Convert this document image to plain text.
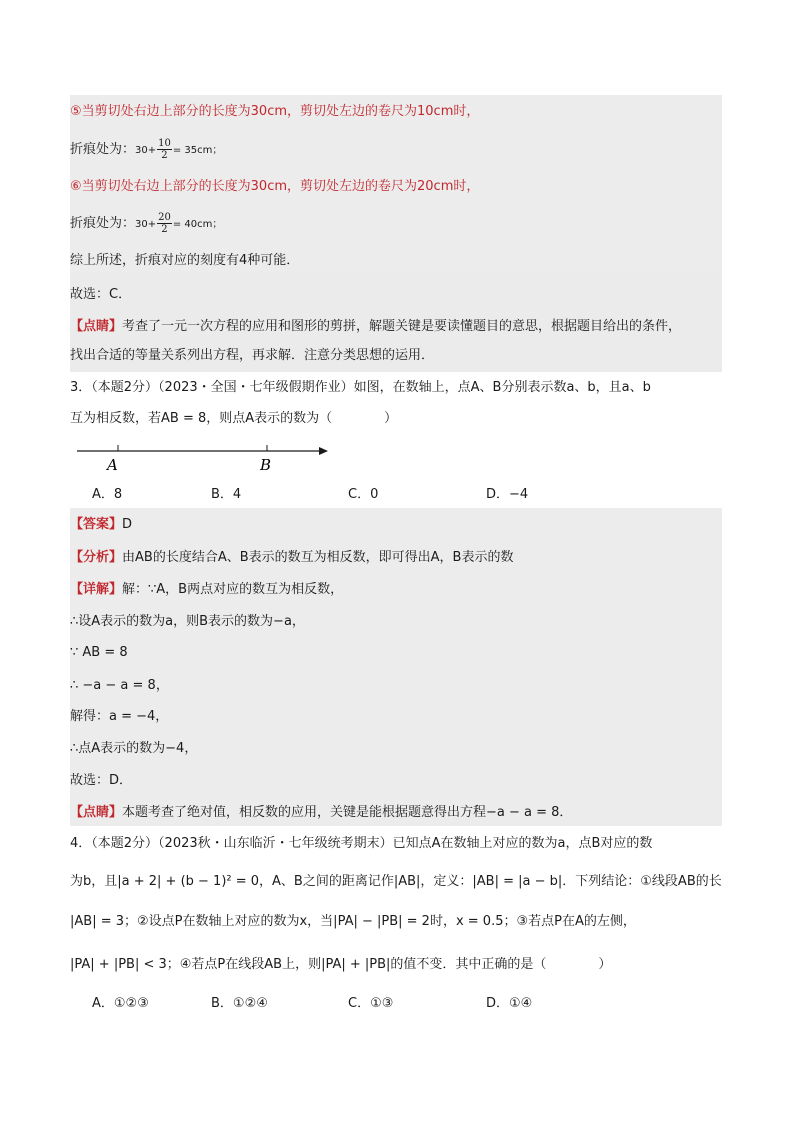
⑤当剪切处右边上部分的长度为30cm，剪切处左边的卷尺为10cm时，
折痕处为：$30+ \frac{10}{2} = 35cm$；
⑥当剪切处右边上部分的长度为30cm，剪切处左边的卷尺为20cm时，
折痕处为：$30+ \frac{20}{2} = 40cm$；
综上所述，折痕对应的刻度有4种可能．
故选：C．
【点睛】考查了一元一次方程的应用和图形的剪拼，解题关键是要读懂题目的意思，根据题目给出的条件，
找出合适的等量关系列出方程，再求解．注意分类思想的运用．
3．（本题2分）（2023・全国・七年级假期作业）如图，在数轴上，点A、B分别表示数a、b，且a、b
互为相反数，若AB = 8，则点A表示的数为（　　　　）
A	B
A．8	B．4	C．0	D．−4
【答案】D
【分析】由AB的长度结合A、B表示的数互为相反数，即可得出A，B表示的数
【详解】解：∵A，B两点对应的数互为相反数，
∴设A表示的数为a，则B表示的数为−a，
∵ AB = 8
∴ −a − a = 8，
解得：a = −4，
∴点A表示的数为−4，
故选：D．
【点睛】本题考查了绝对值，相反数的应用，关键是能根据题意得出方程−a − a = 8．
4．（本题2分）（2023秋・山东临沂・七年级统考期末）已知点A在数轴上对应的数为a，点B对应的数
为b，且|a + 2| + (b − 1)² = 0，A、B之间的距离记作|AB|，定义：|AB| = |a − b|．下列结论：①线段AB的长
|AB| = 3；②设点P在数轴上对应的数为x，当|PA| − |PB| = 2时，x = 0.5；③若点P在A的左侧，
|PA| + |PB| < 3；④若点P在线段AB上，则|PA| + |PB|的值不变．其中正确的是（　　　　）
A．①②③	B．①②④	C．①③	D．①④
